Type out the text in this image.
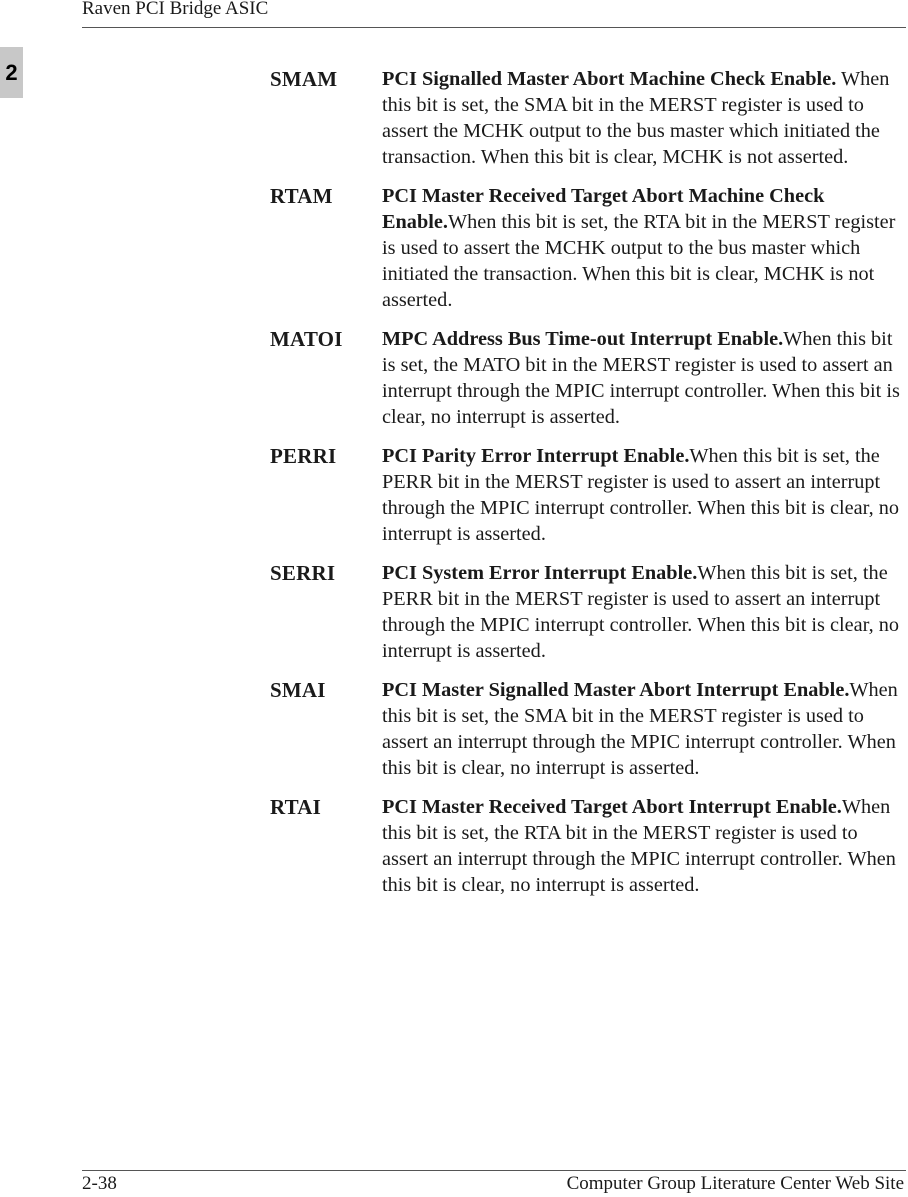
Raven PCI Bridge ASIC
2	SMAM	PCI Signalled Master Abort Machine Check Enable. When this bit is set, the SMA bit in the MERST register is used to assert the MCHK output to the bus master which initiated the transaction. When this bit is clear, MCHK is not asserted.
RTAM	PCI Master Received Target Abort Machine Check Enable.When this bit is set, the RTA bit in the MERST register is used to assert the MCHK output to the bus master which initiated the transaction. When this bit is clear, MCHK is not asserted.
MATOI	MPC Address Bus Time-out Interrupt Enable.When this bit is set, the MATO bit in the MERST register is used to assert an interrupt through the MPIC interrupt controller. When this bit is clear, no interrupt is asserted.
PERRI	PCI Parity Error Interrupt Enable.When this bit is set, the PERR bit in the MERST register is used to assert an interrupt through the MPIC interrupt controller. When this bit is clear, no interrupt is asserted.
SERRI	PCI System Error Interrupt Enable.When this bit is set, the PERR bit in the MERST register is used to assert an interrupt through the MPIC interrupt controller. When this bit is clear, no interrupt is asserted.
SMAI	PCI Master Signalled Master Abort Interrupt Enable.When this bit is set, the SMA bit in the MERST register is used to assert an interrupt through the MPIC interrupt controller. When this bit is clear, no interrupt is asserted.
RTAI	PCI Master Received Target Abort Interrupt Enable.When this bit is set, the RTA bit in the MERST register is used to assert an interrupt through the MPIC interrupt controller. When this bit is clear, no interrupt is asserted.
2-38	Computer Group Literature Center Web Site
